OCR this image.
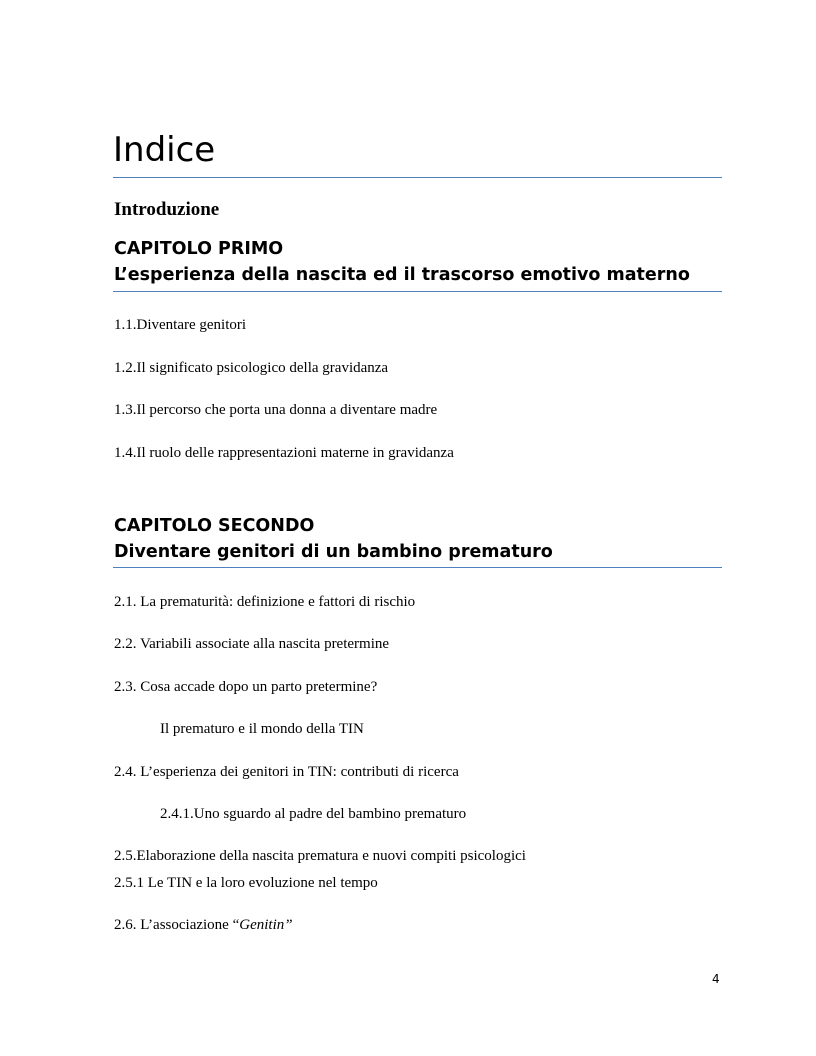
Indice
Introduzione
CAPITOLO PRIMO
L’esperienza della nascita ed il trascorso emotivo materno
1.1.Diventare genitori
1.2.Il significato psicologico della gravidanza
1.3.Il percorso che porta una donna a diventare madre
1.4.Il ruolo delle rappresentazioni materne in gravidanza
CAPITOLO SECONDO
Diventare genitori di un bambino prematuro
2.1. La prematurità: definizione e fattori di rischio
2.2. Variabili associate alla nascita pretermine
2.3. Cosa accade dopo un parto pretermine?
Il prematuro e il mondo della TIN
2.4. L’esperienza dei genitori in TIN: contributi di ricerca
2.4.1.Uno sguardo al padre del bambino prematuro
2.5.Elaborazione della nascita prematura e nuovi compiti psicologici
2.5.1 Le TIN e la loro evoluzione nel tempo
2.6. L’associazione “Genitin”
4
